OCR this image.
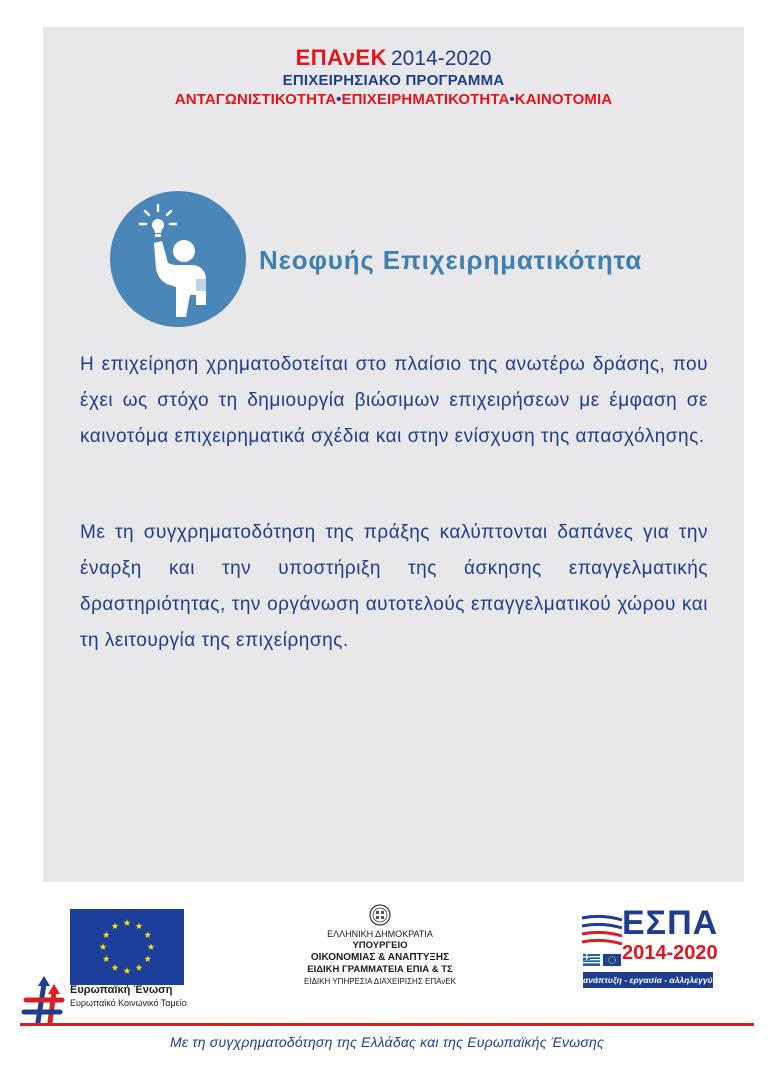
ΕΠΑνΕΚ 2014-2020
ΕΠΙΧΕΙΡΗΣΙΑΚΟ ΠΡΟΓΡΑΜΜΑ
ΑΝΤΑΓΩΝΙΣΤΙΚΟΤΗΤΑ•ΕΠΙΧΕΙΡΗΜΑΤΙΚΟΤΗΤΑ•ΚΑΙΝΟΤΟΜΙΑ
Νεοφυής Επιχειρηματικότητα

Η επιχείρηση χρηματοδοτείται στο πλαίσιο της ανωτέρω δράσης, που έχει ως στόχο τη δημιουργία βιώσιμων επιχειρήσεων με έμφαση σε καινοτόμα επιχειρηματικά σχέδια και στην ενίσχυση της απασχόλησης.

Με τη συγχρηματοδότηση της πράξης καλύπτονται δαπάνες για την έναρξη και την υποστήριξη της άσκησης επαγγελματικής δραστηριότητας, την οργάνωση αυτοτελούς επαγγελματικού χώρου και τη λειτουργία της επιχείρησης.

Ευρωπαϊκή Ένωση
Ευρωπαϊκό Κοινωνικό Ταμείο
ΕΛΛΗΝΙΚΗ ΔΗΜΟΚΡΑΤΙΑ
ΥΠΟΥΡΓΕΙΟ
ΟΙΚΟΝΟΜΙΑΣ & ΑΝΑΠΤΥΞΗΣ
ΕΙΔΙΚΗ ΓΡΑΜΜΑΤΕΙΑ ΕΠΙΑ & ΤΣ
ΕΙΔΙΚΗ ΥΠΗΡΕΣΙΑ ΔΙΑΧΕΙΡΙΣΗΣ ΕΠΑνΕΚ
ΕΣΠΑ
2014-2020
ανάπτυξη - εργασία - αλληλεγγύη
Με τη συγχρηματοδότηση της Ελλάδας και της Ευρωπαϊκής Ένωσης
